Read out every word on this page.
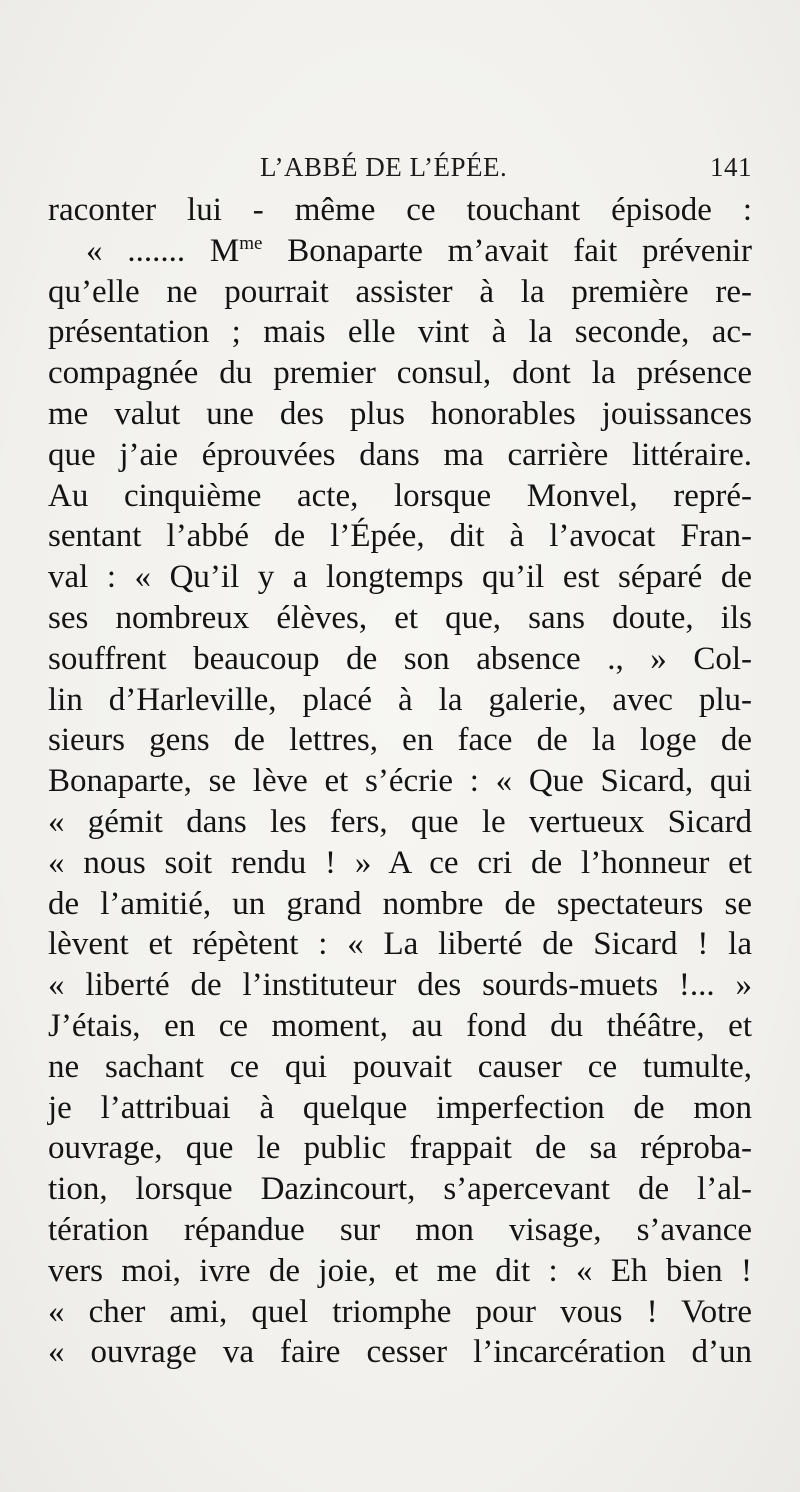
L’ABBÉ DE L’ÉPÉE.	141
raconter lui - même ce touchant épisode :
« ....... $M^{me}$ Bonaparte m’avait fait prévenir
qu’elle ne pourrait assister à la première re-
présentation ; mais elle vint à la seconde, ac-
compagnée du premier consul, dont la présence
me valut une des plus honorables jouissances
que j’aie éprouvées dans ma carrière littéraire.
Au cinquième acte, lorsque Monvel, repré-
sentant l’abbé de l’Épée, dit à l’avocat Fran-
val : « Qu’il y a longtemps qu’il est séparé de
ses nombreux élèves, et que, sans doute, ils
souffrent beaucoup de son absence ., » Col-
lin d’Harleville, placé à la galerie, avec plu-
sieurs gens de lettres, en face de la loge de
Bonaparte, se lève et s’écrie : « Que Sicard, qui
« gémit dans les fers, que le vertueux Sicard
« nous soit rendu ! » A ce cri de l’honneur et
de l’amitié, un grand nombre de spectateurs se
lèvent et répètent : « La liberté de Sicard ! la
« liberté de l’instituteur des sourds-muets !... »
J’étais, en ce moment, au fond du théâtre, et
ne sachant ce qui pouvait causer ce tumulte,
je l’attribuai à quelque imperfection de mon
ouvrage, que le public frappait de sa réproba-
tion, lorsque Dazincourt, s’apercevant de l’al-
tération répandue sur mon visage, s’avance
vers moi, ivre de joie, et me dit : « Eh bien !
« cher ami, quel triomphe pour vous ! Votre
« ouvrage va faire cesser l’incarcération d’un
